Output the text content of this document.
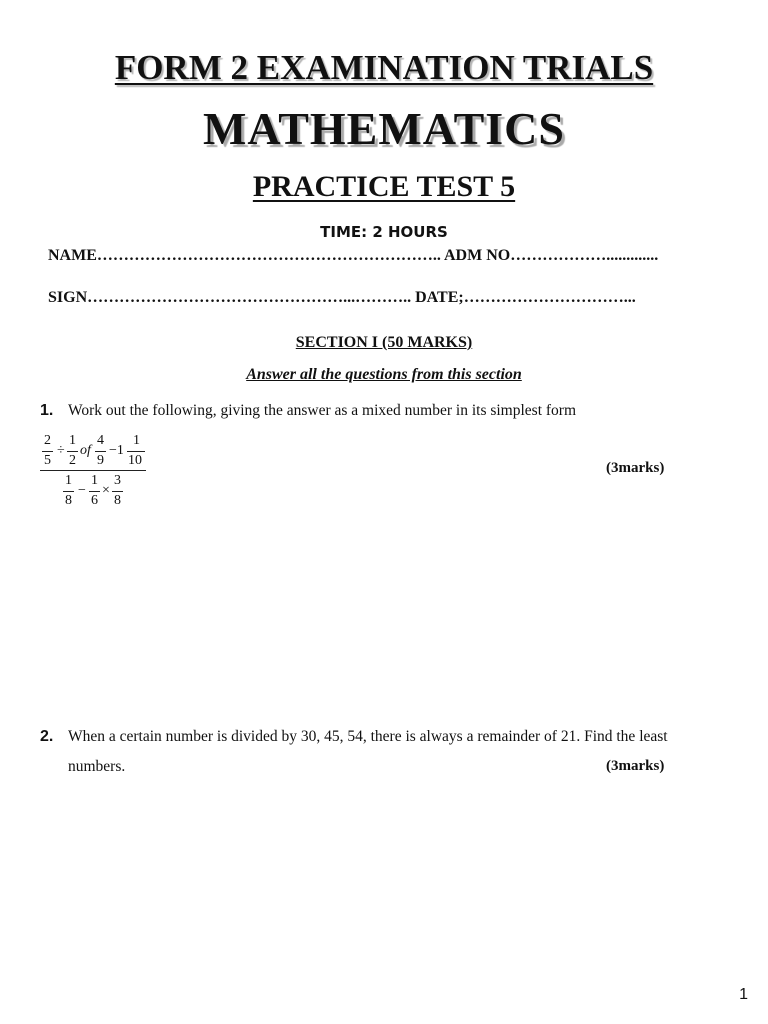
FORM 2 EXAMINATION TRIALS
MATHEMATICS
PRACTICE TEST 5
TIME: 2 HOURS
NAME……………………………………………………….. ADM NO……………….............
SIGN…………………………………………...……….. DATE;…………………………...
SECTION I (50 MARKS)
Answer all the questions from this section
1. Work out the following, giving the answer as a mixed number in its simplest form
2
5
÷
1
2
of
4
9
−1
1
10
1
8
−
1
6
×
3
8
(3marks)
2. When a certain number is divided by 30, 45, 54, there is always a remainder of 21. Find the least
numbers.	(3marks)
1
